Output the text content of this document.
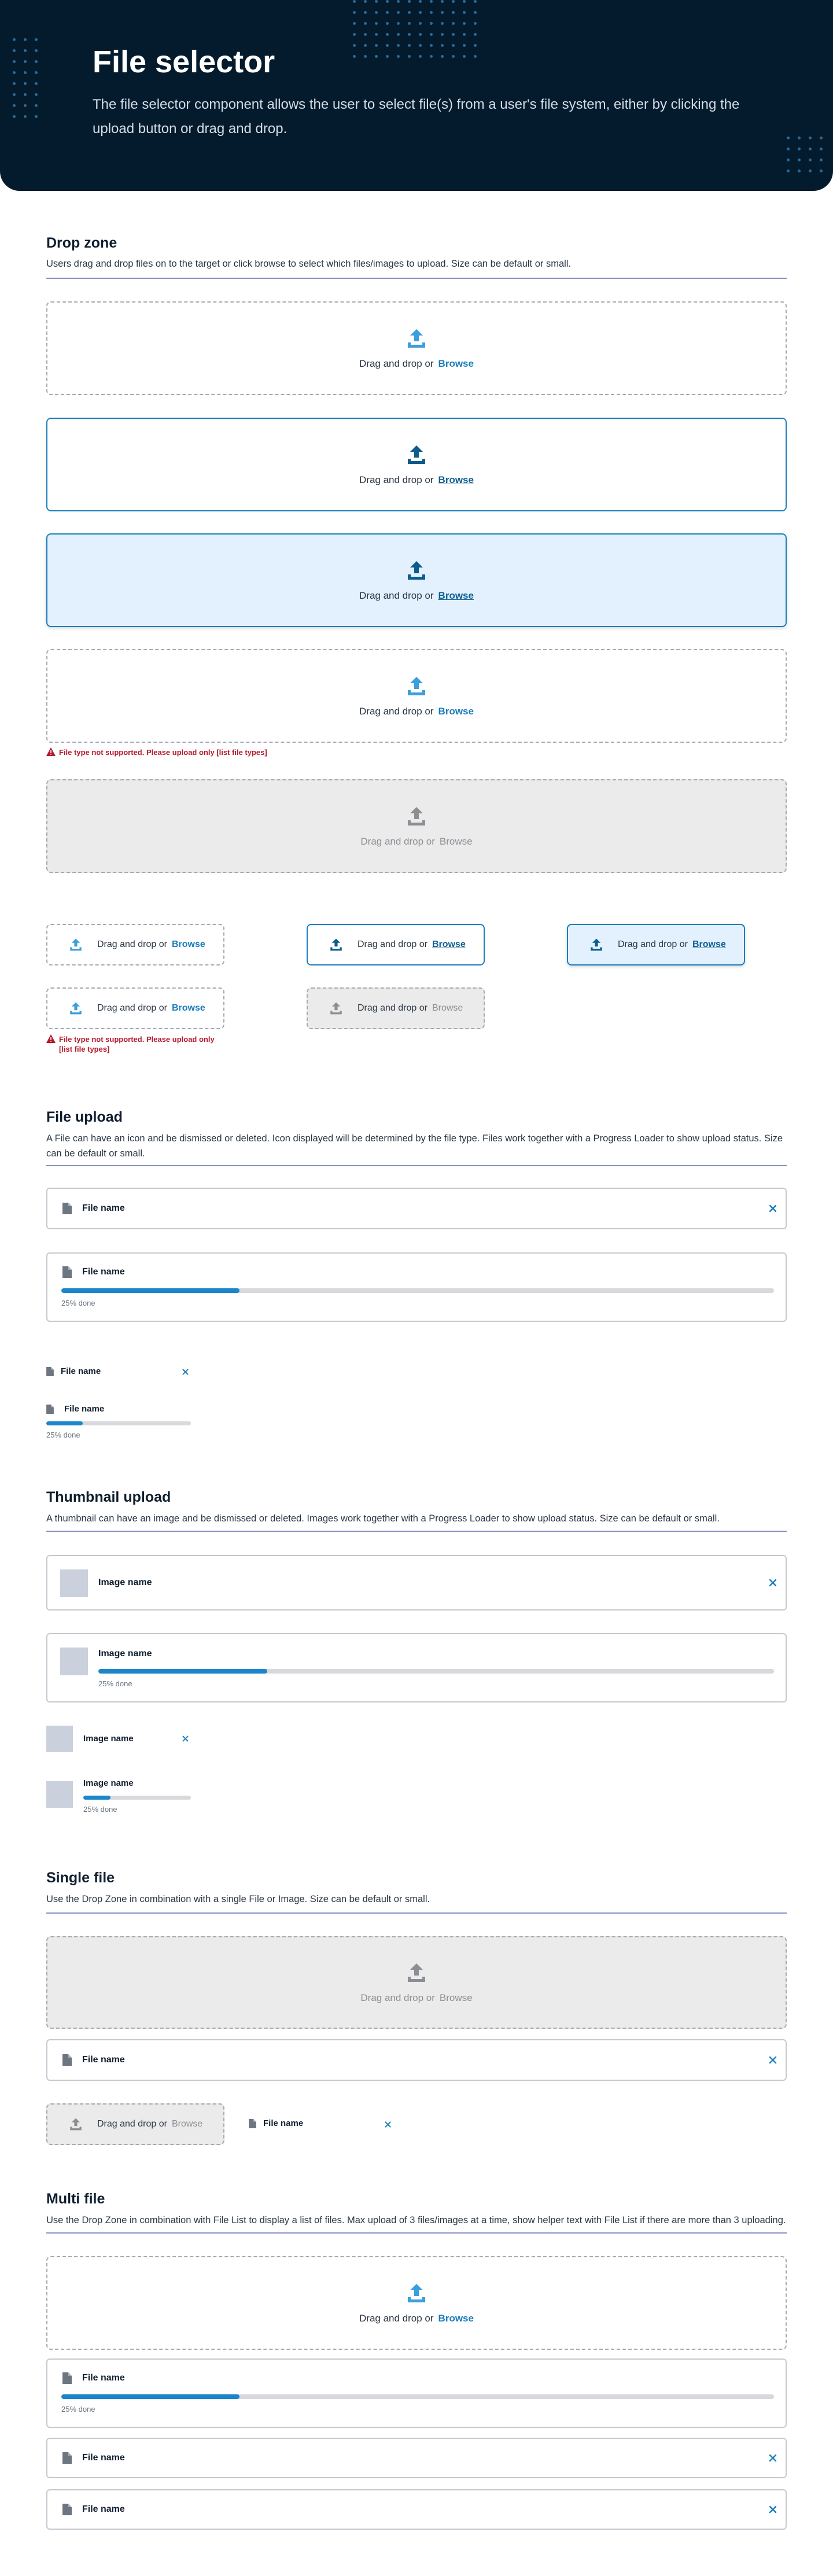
File selector
The file selector component allows the user to select file(s) from a user's file system, either by clicking the upload button or drag and drop.
Drop zone
Users drag and drop files on to the target or click browse to select which files/images to upload. Size can be default or small.
Drag and drop or Browse
Drag and drop or Browse
Drag and drop or Browse
Drag and drop or Browse
File type not supported. Please upload only [list file types]
Drag and drop or Browse
Drag and drop or Browse	Drag and drop or Browse	Drag and drop or Browse
Drag and drop or Browse
File type not supported. Please upload only
[list file types]
Drag and drop or Browse
File upload
A File can have an icon and be dismissed or deleted. Icon displayed will be determined by the file type. Files work together with a Progress Loader to show upload status. Size can be default or small.
File name
File name
25% done
File name
File name
25% done
Thumbnail upload
A thumbnail can have an image and be dismissed or deleted. Images work together with a Progress Loader to show upload status. Size can be default or small.
Image name
Image name
25% done
Image name
Image name
25% done
Single file
Use the Drop Zone in combination with a single File or Image. Size can be default or small.
Drag and drop or Browse
File name
Drag and drop or Browse	File name
Multi file
Use the Drop Zone in combination with File List to display a list of files. Max upload of 3 files/images at a time, show helper text with File List if there are more than 3 uploading.
Drag and drop or Browse
File name
25% done
File name
File name
